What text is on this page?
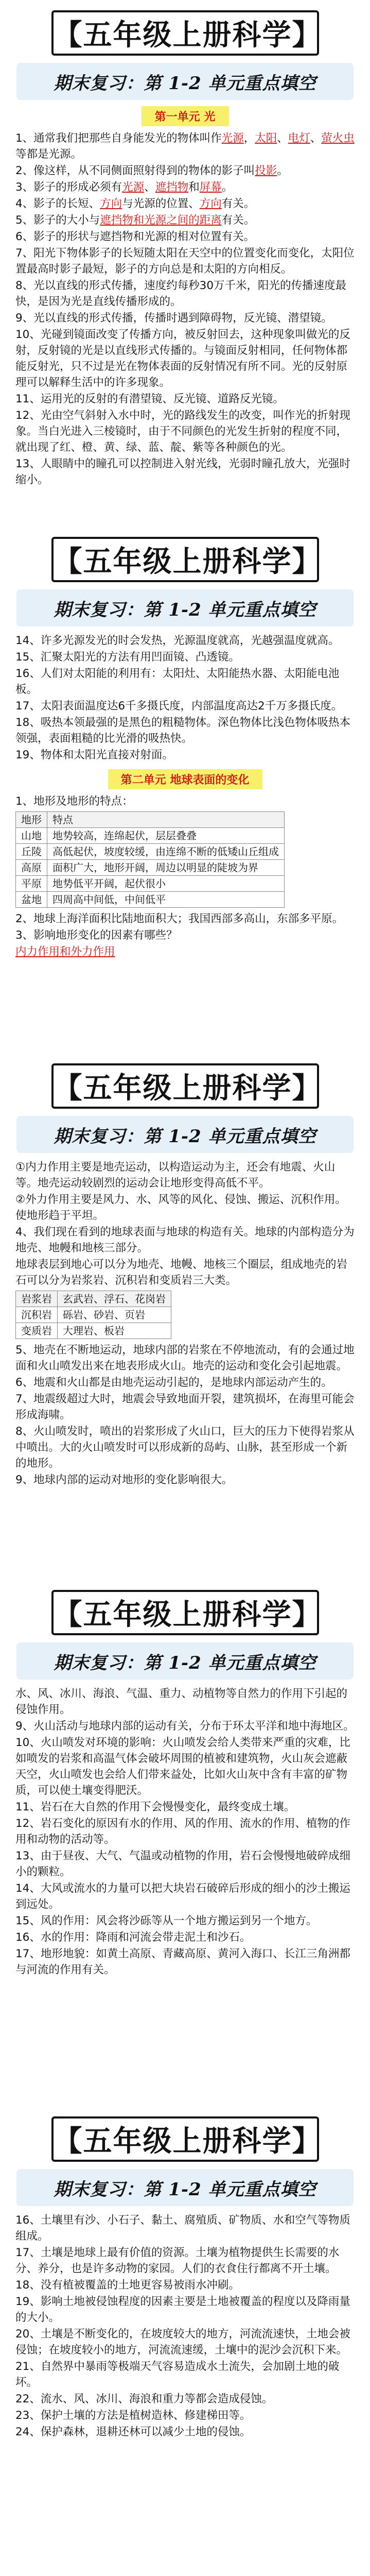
【五年级上册科学】
期末复习：第 1-2 单元重点填空
第一单元 光

1、通常我们把那些自身能发光的物体叫作光源，太阳、电灯、萤火虫等都是光源。

2、像这样，从不同侧面照射得到的物体的影子叫投影。

3、影子的形成必须有光源、遮挡物和屏幕。

4、影子的长短、方向与光源的位置、方向有关。

5、影子的大小与遮挡物和光源之间的距离有关。

6、影子的形状与遮挡物和光源的相对位置有关。

7、阳光下物体影子的长短随太阳在天空中的位置变化而变化，太阳位置最高时影子最短，影子的方向总是和太阳的方向相反。

8、光以直线的形式传播，速度约每秒30万千米，阳光的传播速度最快，是因为光是直线传播形成的。

9、光以直线的形式传播，传播时遇到障碍物，反光镜、潜望镜。

10、光碰到镜面改变了传播方向，被反射回去，这种现象叫做光的反射，反射镜的光是以直线形式传播的。与镜面反射相同，任何物体都能反射光，只不过是光在物体表面的反射情况有所不同。光的反射原理可以解释生活中的许多现象。

11、运用光的反射的有潜望镜、反光镜、道路反光镜。

12、光由空气斜射入水中时，光的路线发生的改变，叫作光的折射现象。当白光进入三棱镜时，由于不同颜色的光发生折射的程度不同，就出现了红、橙、黄、绿、蓝、靛、紫等各种颜色的光。

13、人眼睛中的瞳孔可以控制进入射光线，光弱时瞳孔放大，光强时缩小。

【五年级上册科学】
期末复习：第 1-2 单元重点填空

14、许多光源发光的时会发热，光源温度就高，光越强温度就高。

15、汇聚太阳光的方法有用凹面镜、凸透镜。

16、人们对太阳能的利用有：太阳灶、太阳能热水器、太阳能电池板。

17、太阳表面温度达6千多摄氏度，内部温度高达2千万多摄氏度。

18、吸热本领最强的是黑色的粗糙物体。深色物体比浅色物体吸热本领强，表面粗糙的比光滑的吸热快。

19、物体和太阳光直接对射面。

第二单元 地球表面的变化

1、地形及地形的特点：

地形	特点
山地	地势较高，连绵起伏，层层叠叠
丘陵	高低起伏，坡度较缓，由连绵不断的低矮山丘组成
高原	面积广大，地形开阔，周边以明显的陡坡为界
平原	地势低平开阔，起伏很小
盆地	四周高中间低，中间低平

2、地球上海洋面积比陆地面积大；我国西部多高山，东部多平原。

3、影响地形变化的因素有哪些？

内力作用和外力作用

【五年级上册科学】
期末复习：第 1-2 单元重点填空

①内力作用主要是地壳运动，以构造运动为主，还会有地震、火山等。地壳运动较剧烈的运动会让地形变得高低不平。

②外力作用主要是风力、水、风等的风化、侵蚀、搬运、沉积作用。使地形趋于平坦。

4、我们现在看到的地球表面与地球的构造有关。地球的内部构造分为地壳、地幔和地核三部分。

地球表层到地心可以分为地壳、地幔、地核三个圈层，组成地壳的岩石可以分为岩浆岩、沉积岩和变质岩三大类。

岩浆岩	玄武岩、浮石、花岗岩
沉积岩	砾岩、砂岩、页岩
变质岩	大理岩、板岩

5、地壳在不断地运动，地球内部的岩浆在不停地流动，有的会通过地面和火山喷发出来在地表形成火山。地壳的运动和变化会引起地震。

6、地震和火山都是由地壳运动引起的，是地球内部运动产生的。

7、地震级超过大时，地震会导致地面开裂，建筑损坏，在海里可能会形成海啸。

8、火山喷发时，喷出的岩浆形成了火山口，巨大的压力下使得岩浆从中喷出。大的火山喷发时可以形成新的岛屿、山脉，甚至形成一个新的地形。

9、地球内部的运动对地形的变化影响很大。

【五年级上册科学】
期末复习：第 1-2 单元重点填空

水、风、冰川、海浪、气温、重力、动植物等自然力的作用下引起的侵蚀作用。

9、火山活动与地球内部的运动有关，分布于环太平洋和地中海地区。

10、火山喷发对环境的影响：火山喷发会给人类带来严重的灾难，比如喷发的岩浆和高温气体会破坏周围的植被和建筑物，火山灰会遮蔽天空，火山喷发也会给人们带来益处，比如火山灰中含有丰富的矿物质，可以使土壤变得肥沃。

11、岩石在大自然的作用下会慢慢变化，最终变成土壤。

12、岩石变化的原因有水的作用、风的作用、流水的作用、植物的作用和动物的活动等。

13、由于昼夜、大气、气温或动植物的作用，岩石会慢慢地破碎成细小的颗粒。

14、大风或流水的力量可以把大块岩石破碎后形成的细小的沙土搬运到远处。

15、风的作用：风会将沙砾等从一个地方搬运到另一个地方。

16、水的作用：降雨和河流会带走泥土和沙石。

17、地形地貌：如黄土高原、青藏高原、黄河入海口、长江三角洲都与河流的作用有关。

【五年级上册科学】
期末复习：第 1-2 单元重点填空

16、土壤里有沙、小石子、黏土、腐殖质、矿物质、水和空气等物质组成。

17、土壤是地球上最有价值的资源。土壤为植物提供生长需要的水分、养分，也是许多动物的家园。人们的衣食住行都离不开土壤。

18、没有植被覆盖的土地更容易被雨水冲刷。

19、影响土地被侵蚀程度的因素主要是土地被覆盖的程度以及降雨量的大小。

20、土壤是不断变化的，在坡度较大的地方，河流流速快，土地会被侵蚀；在坡度较小的地方，河流流速缓，土壤中的泥沙会沉积下来。

21、自然界中暴雨等极端天气容易造成水土流失，会加剧土地的破坏。

22、流水、风、冰川、海浪和重力等都会造成侵蚀。

23、保护土壤的方法是植树造林、修建梯田等。

24、保护森林，退耕还林可以减少土地的侵蚀。
